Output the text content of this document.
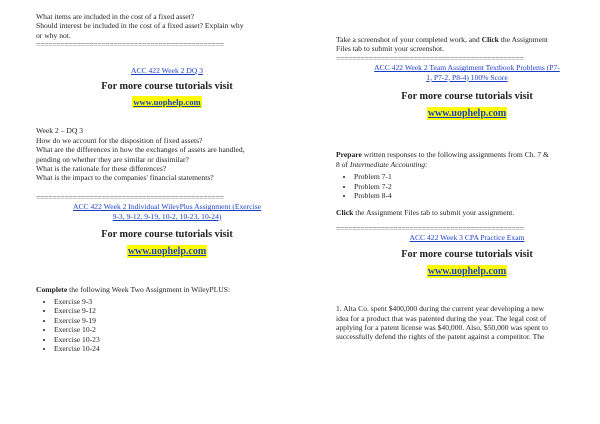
What items are included in the cost of a fixed asset?

Should interest be included in the cost of a fixed asset? Explain why

or why not.

==============================================

ACC 422 Week 2 DQ 3

For more course tutorials visit

www.uophelp.com

Week 2 – DQ 3

How do we account for the disposition of fixed assets?

What are the differences in how the exchanges of assets are handled,

pending on whether they are similar or dissimilar?

What is the rationale for these differences?

What is the impact to the companies' financial statements?

==============================================

ACC 422 Week 2 Individual WileyPlus Assignment (Exercise
9-3, 9-12, 9-19, 10-2, 10-23, 10-24)

For more course tutorials visit

www.uophelp.com

Complete the following Week Two Assignment in WileyPLUS:

• Exercise 9-3
• Exercise 9-12
• Exercise 9-19
• Exercise 10-2
• Exercise 10-23
• Exercise 10-24

Take a screenshot of your completed work, and Click the Assignment

Files tab to submit your screenshot.

==============================================

ACC 422 Week 2 Team Assignment Textbook Problems (P7-
1, P7-2, P8-4) 100% Score

For more course tutorials visit

www.uophelp.com

Prepare written responses to the following assignments from Ch. 7 &

8 of Intermediate Accounting:

• Problem 7-1
• Problem 7-2
• Problem 8-4

Click the Assignment Files tab to submit your assignment.

==============================================

ACC 422 Week 3 CPA Practice Exam

For more course tutorials visit

www.uophelp.com

1. Alta Co. spent $400,000 during the current year developing a new

idea for a product that was patented during the year. The legal cost of

applying for a patent license was $40,000. Also, $50,000 was spent to

successfully defend the rights of the patent against a competitor. The
